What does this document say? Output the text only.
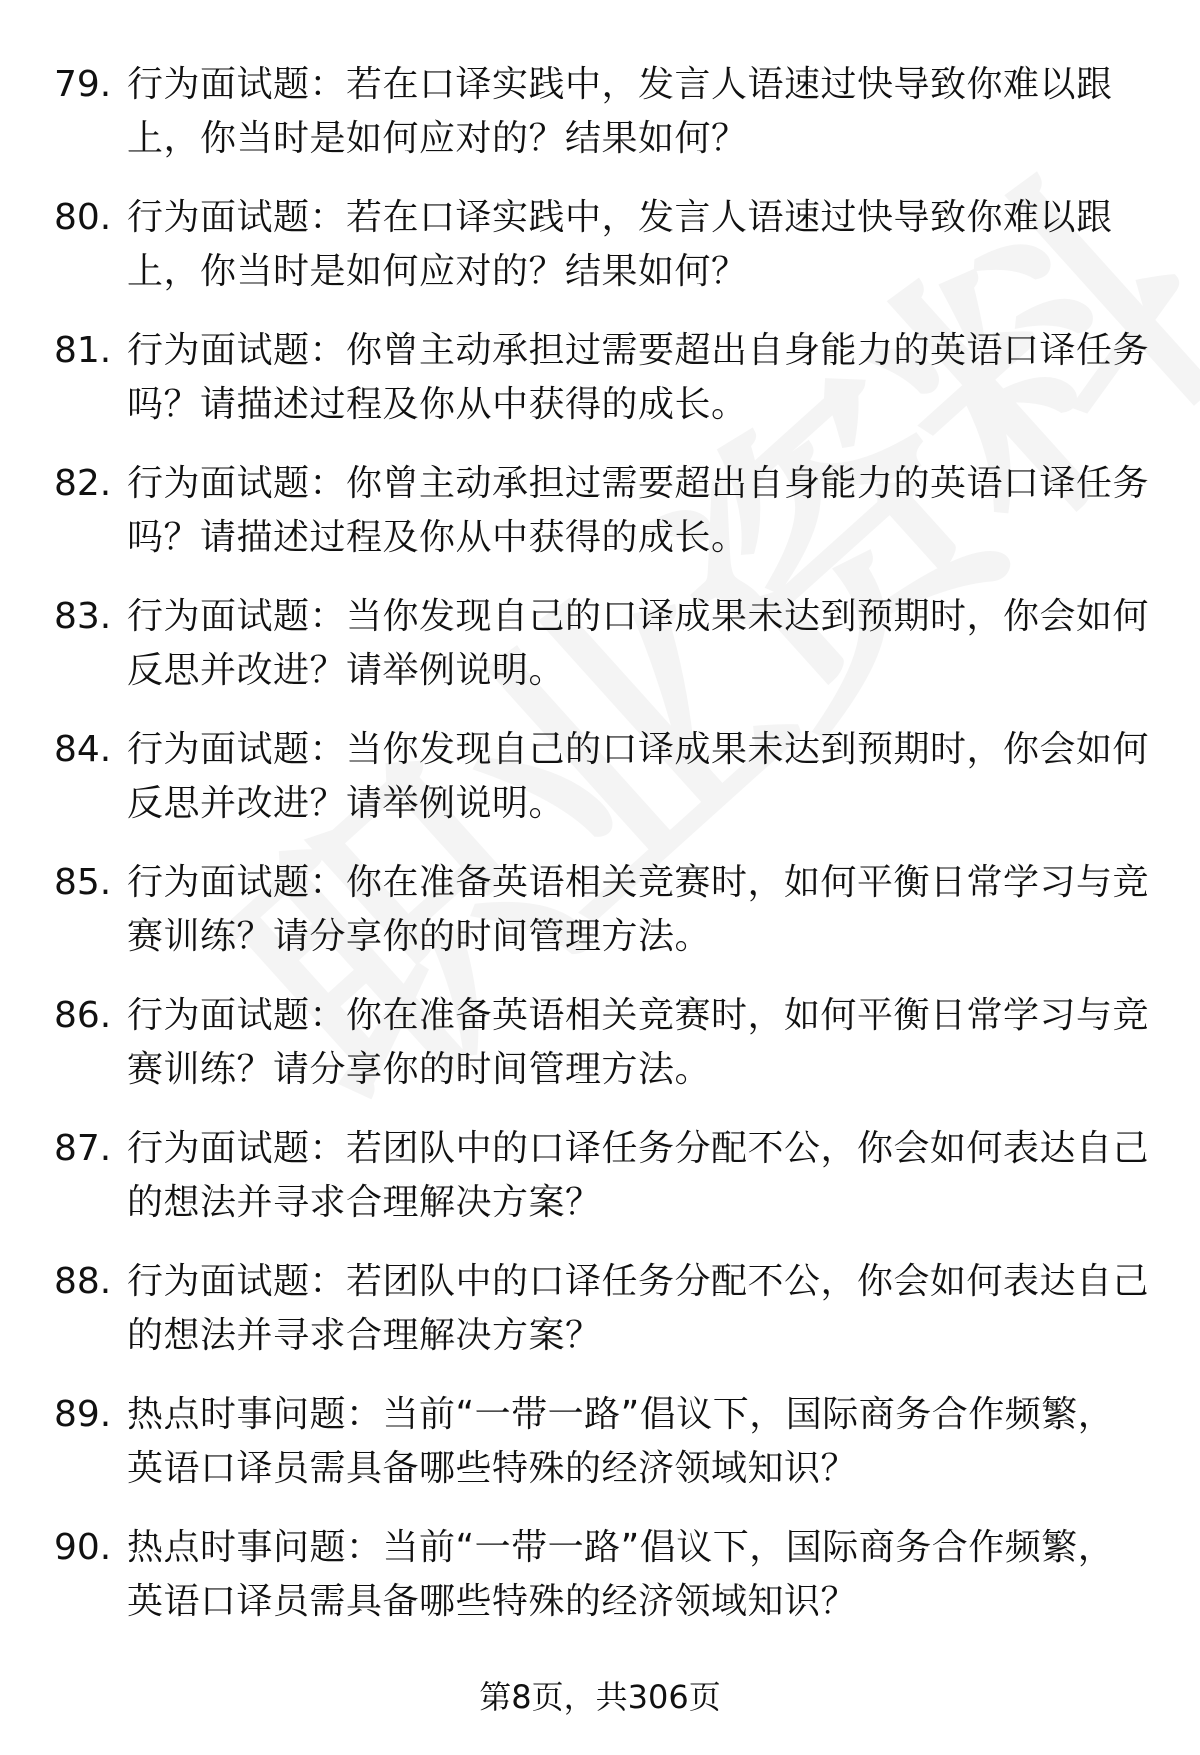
79. 行为面试题：若在口译实践中，发言人语速过快导致你难以跟
上，你当时是如何应对的？结果如何？
80. 行为面试题：若在口译实践中，发言人语速过快导致你难以跟
上，你当时是如何应对的？结果如何？
81. 行为面试题：你曾主动承担过需要超出自身能力的英语口译任务
吗？请描述过程及你从中获得的成长。
82. 行为面试题：你曾主动承担过需要超出自身能力的英语口译任务
吗？请描述过程及你从中获得的成长。
83. 行为面试题：当你发现自己的口译成果未达到预期时，你会如何
反思并改进？请举例说明。
84. 行为面试题：当你发现自己的口译成果未达到预期时，你会如何
反思并改进？请举例说明。
85. 行为面试题：你在准备英语相关竞赛时，如何平衡日常学习与竞
赛训练？请分享你的时间管理方法。
86. 行为面试题：你在准备英语相关竞赛时，如何平衡日常学习与竞
赛训练？请分享你的时间管理方法。
87. 行为面试题：若团队中的口译任务分配不公，你会如何表达自己
的想法并寻求合理解决方案？
88. 行为面试题：若团队中的口译任务分配不公，你会如何表达自己
的想法并寻求合理解决方案？
89. 热点时事问题：当前“一带一路”倡议下，国际商务合作频繁，
英语口译员需具备哪些特殊的经济领域知识？
90. 热点时事问题：当前“一带一路”倡议下，国际商务合作频繁，
英语口译员需具备哪些特殊的经济领域知识？
第8页，共306页
